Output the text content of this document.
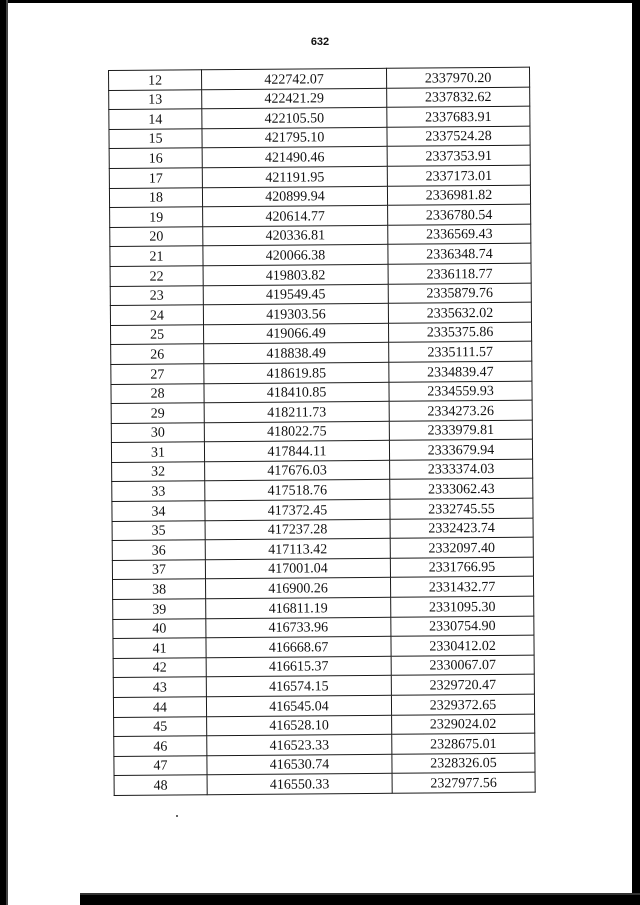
632
12	422742.07	2337970.20
13	422421.29	2337832.62
14	422105.50	2337683.91
15	421795.10	2337524.28
16	421490.46	2337353.91
17	421191.95	2337173.01
18	420899.94	2336981.82
19	420614.77	2336780.54
20	420336.81	2336569.43
21	420066.38	2336348.74
22	419803.82	2336118.77
23	419549.45	2335879.76
24	419303.56	2335632.02
25	419066.49	2335375.86
26	418838.49	2335111.57
27	418619.85	2334839.47
28	418410.85	2334559.93
29	418211.73	2334273.26
30	418022.75	2333979.81
31	417844.11	2333679.94
32	417676.03	2333374.03
33	417518.76	2333062.43
34	417372.45	2332745.55
35	417237.28	2332423.74
36	417113.42	2332097.40
37	417001.04	2331766.95
38	416900.26	2331432.77
39	416811.19	2331095.30
40	416733.96	2330754.90
41	416668.67	2330412.02
42	416615.37	2330067.07
43	416574.15	2329720.47
44	416545.04	2329372.65
45	416528.10	2329024.02
46	416523.33	2328675.01
47	416530.74	2328326.05
48	416550.33	2327977.56
